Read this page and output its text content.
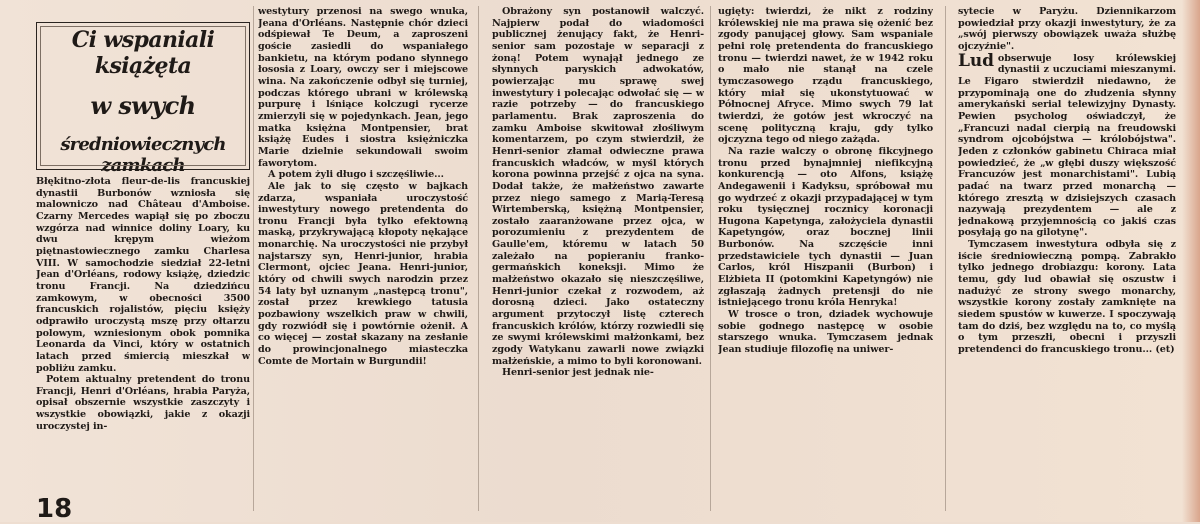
Ci wspaniali książęta
w swych
średniowiecznych zamkach

Błękitno-złota fleur-de-lis francuskiej dynastii Burbonów wzniosła się malowniczo nad Château d'Amboise. Czarny Mercedes wapiął się po zboczu wzgórza nad winnice doliny Loary, ku dwu krępym wieżom piętnastowiecznego zamku Charlesa VIII. W samochodzie siedział 22-letni Jean d'Orléans, rodowy książę, dziedzic tronu Francji. Na dziedzińcu zamkowym, w obecności 3500 francuskich rojalistów, pięciu księży odprawiło uroczystą mszę przy ołtarzu polowym, wzniesionym obok pomnika Leonarda da Vinci, który w ostatnich latach przed śmiercią mieszkał w pobliżu zamku.

Potem aktualny pretendent do tronu Francji, Henri d'Orléans, hrabia Paryża, opisał obszernie wszystkie zaszczyty i wszystkie obowiązki, jakie z okazji uroczystej in-

westytury przenosi na swego wnuka, Jeana d'Orléans. Następnie chór dzieci odśpiewał Te Deum, a zaproszeni goście zasiedli do wspaniałego bankietu, na którym podano słynnego łososia z Loary, owczy ser i miejscowe wina. Na zakończenie odbył się turniej, podczas którego ubrani w królewską purpurę i lśniące kolczugi rycerze zmierzyli się w pojedynkach. Jean, jego matka księżna Montpensier, brat książę Eudes i siostra księżniczka Marie dzielnie sekundowali swoim faworytom.

A potem żyli długo i szczęśliwie...

Ale jak to się często w bajkach zdarza, wspaniała uroczystość inwestytury nowego pretendenta do tronu Francji była tylko efektowną maską, przykrywającą kłopoty nękające monarchię. Na uroczystości nie przybył najstarszy syn, Henri-junior, hrabia Clermont, ojciec Jeana. Henri-junior, który od chwili swych narodzin przez 54 laty był uznanym „następcą tronu", został przez krewkiego tatusia pozbawiony wszelkich praw w chwili, gdy rozwiódł się i powtórnie ożenił. A co więcej — został skazany na zesłanie do prowincjonalnego miasteczka Comte de Mortain w Burgundii!

Obrażony syn postanowił walczyć. Najpierw podał do wiadomości publicznej żenujący fakt, że Henri-senior sam pozostaje w separacji z żoną! Potem wynajął jednego ze słynnych paryskich adwokatów, powierzając mu sprawę swej inwestytury i polecając odwołać się — w razie potrzeby — do francuskiego parlamentu. Brak zaproszenia do zamku Amboise skwitował złośliwym komentarzem, po czym stwierdził, że Henri-senior złamał odwieczne prawa francuskich władców, w myśl których korona powinna przejść z ojca na syna. Dodał także, że małżeństwo zawarte przez niego samego z Marią-Teresą Wirtemberską, księżną Montpensier, zostało zaaranżowane przez ojca, w porozumieniu z prezydentem de Gaulle'em, któremu w latach 50 zależało na popieraniu franko-germańskich koneksji. Mimo że małżeństwo okazało się nieszczęśliwe, Henri-junior czekał z rozwodem, aż dorosną dzieci. Jako ostateczny argument przytoczył listę czterech francuskich królów, którzy rozwiedli się ze swymi królewskimi małżonkami, bez zgody Watykanu zawarli nowe związki małżeńskie, a mimo to byli koronowani.

Henri-senior jest jednak nie-

ugięty: twierdzi, że nikt z rodziny królewskiej nie ma prawa się ożenić bez zgody panującej głowy. Sam wspaniale pełni rolę pretendenta do francuskiego tronu — twierdzi nawet, że w 1942 roku o mało nie stanął na czele tymczasowego rządu francuskiego, który miał się ukonstytuować w Północnej Afryce. Mimo swych 79 lat twierdzi, że gotów jest wkroczyć na scenę polityczną kraju, gdy tylko ojczyzna tego od niego zażąda.

Na razie walczy o obronę fikcyjnego tronu przed bynajmniej niefikcyjną konkurencją — oto Alfons, książę Andegawenii i Kadyksu, spróbował mu go wydrzeć z okazji przypadającej w tym roku tysięcznej rocznicy koronacji Hugona Kapetynga, założyciela dynastii Kapetyngów, oraz bocznej linii Burbonów. Na szczęście inni przedstawiciele tych dynastii — Juan Carlos, król Hiszpanii (Burbon) i Elżbieta II (potomkini Kapetyngów) nie zgłaszają żadnych pretensji do nie istniejącego tronu króla Henryka!

W trosce o tron, dziadek wychowuje sobie godnego następcę w osobie starszego wnuka. Tymczasem jednak Jean studiuje filozofię na uniwer-

sytecie w Paryżu. Dziennikarzom powiedział przy okazji inwestytury, że za „swój pierwszy obowiązek uważa służbę ojczyźnie".

Lud obserwuje losy królewskiej dynastii z uczuciami mieszanymi. Le Figaro stwierdził niedawno, że przypominają one do złudzenia słynny amerykański serial telewizyjny Dynasty. Pewien psycholog oświadczył, że „Francuzi nadal cierpią na freudowski syndrom ojcobójstwa — królobójstwa". Jeden z członków gabinetu Chiraca miał powiedzieć, że „w głębi duszy większość Francuzów jest monarchistami". Lubią padać na twarz przed monarchą — którego zresztą w dzisiejszych czasach nazywają prezydentem — ale z jednakową przyjemnością co jakiś czas posyłają go na gilotynę".

Tymczasem inwestytura odbyła się z iście średniowieczną pompą. Zabrakło tylko jednego drobiazgu: korony. Lata temu, gdy lud obawiał się oszustw i nadużyć ze strony swego monarchy, wszystkie korony zostały zamknięte na siedem spustów w kuwerze. I spoczywają tam do dziś, bez względu na to, co myślą o tym przeszłi, obecni i przyszli pretendenci do francuskiego tronu... (et)

18
